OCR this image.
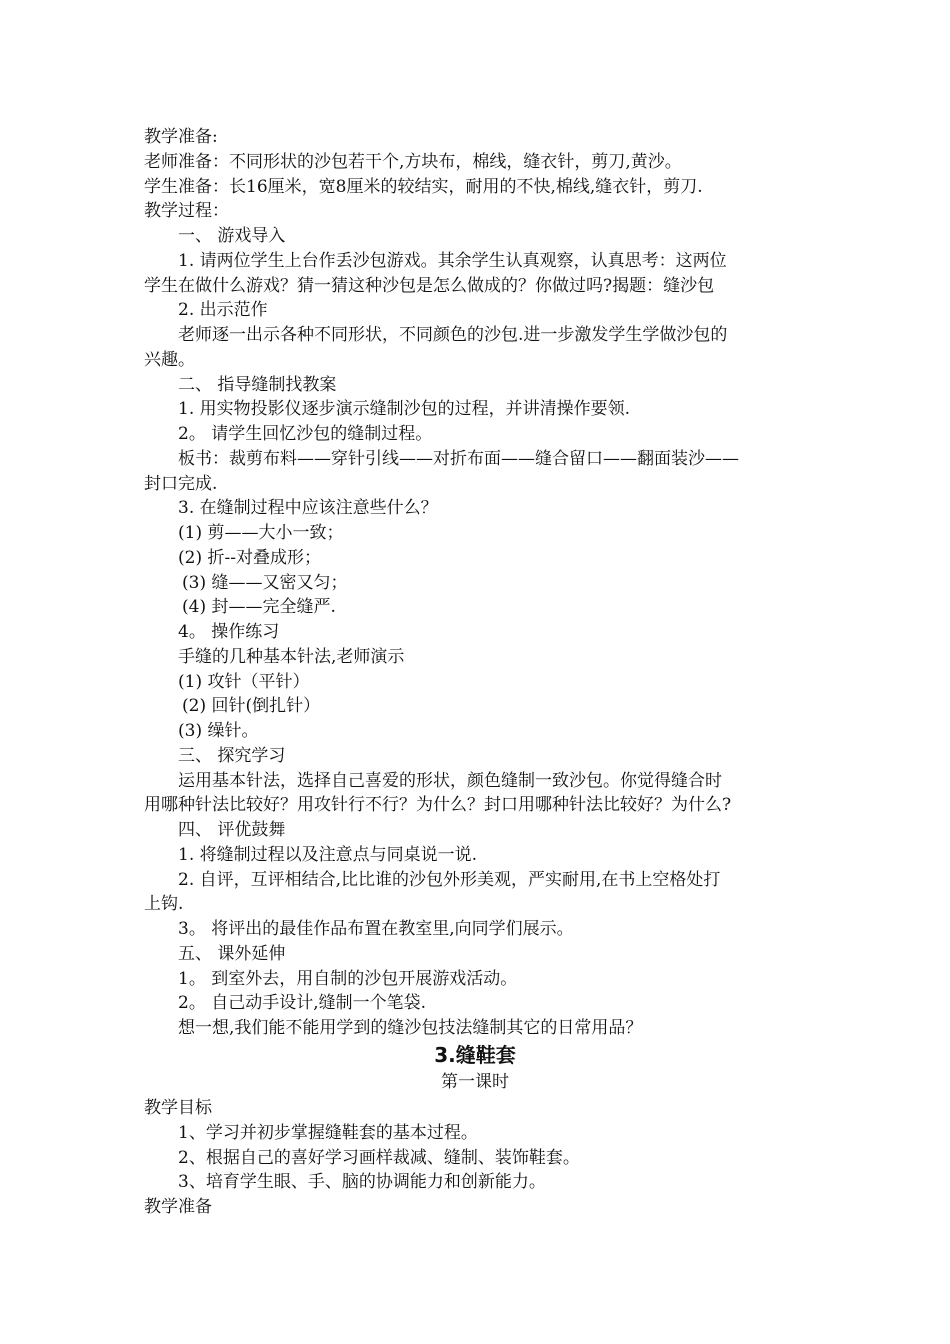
教学准备:
老师准备：不同形状的沙包若干个,方块布，棉线，缝衣针，剪刀,黄沙。
学生准备：长16厘米，宽8厘米的较结实，耐用的不快,棉线,缝衣针，剪刀.
教学过程：
一、 游戏导入
1. 请两位学生上台作丢沙包游戏。其余学生认真观察，认真思考：这两位
学生在做什么游戏？猜一猜这种沙包是怎么做成的？你做过吗?揭题：缝沙包
2. 出示范作
老师逐一出示各种不同形状，不同颜色的沙包.进一步激发学生学做沙包的
兴趣。
二、 指导缝制找教案
1. 用实物投影仪逐步演示缝制沙包的过程，并讲清操作要领.
2。 请学生回忆沙包的缝制过程。
板书：裁剪布料——穿针引线——对折布面——缝合留口——翻面装沙——
封口完成.
3. 在缝制过程中应该注意些什么？
(1) 剪——大小一致；
(2) 折--对叠成形；
(3) 缝——又密又匀；
(4) 封——完全缝严.
4。 操作练习
手缝的几种基本针法,老师演示
(1) 攻针（平针）
(2) 回针(倒扎针）
(3) 缲针。
三、 探究学习
运用基本针法，选择自己喜爱的形状，颜色缝制一致沙包。你觉得缝合时
用哪种针法比较好？用攻针行不行？为什么？封口用哪种针法比较好？为什么?
四、 评优鼓舞
1. 将缝制过程以及注意点与同桌说一说.
2. 自评，互评相结合,比比谁的沙包外形美观，严实耐用,在书上空格处打
上钩.
3。 将评出的最佳作品布置在教室里,向同学们展示。
五、 课外延伸
1。 到室外去，用自制的沙包开展游戏活动。
2。 自己动手设计,缝制一个笔袋.
想一想,我们能不能用学到的缝沙包技法缝制其它的日常用品？
3.缝鞋套
第一课时
教学目标
1、学习并初步掌握缝鞋套的基本过程。
2、根据自己的喜好学习画样裁减、缝制、装饰鞋套。
3、培育学生眼、手、脑的协调能力和创新能力。
教学准备
